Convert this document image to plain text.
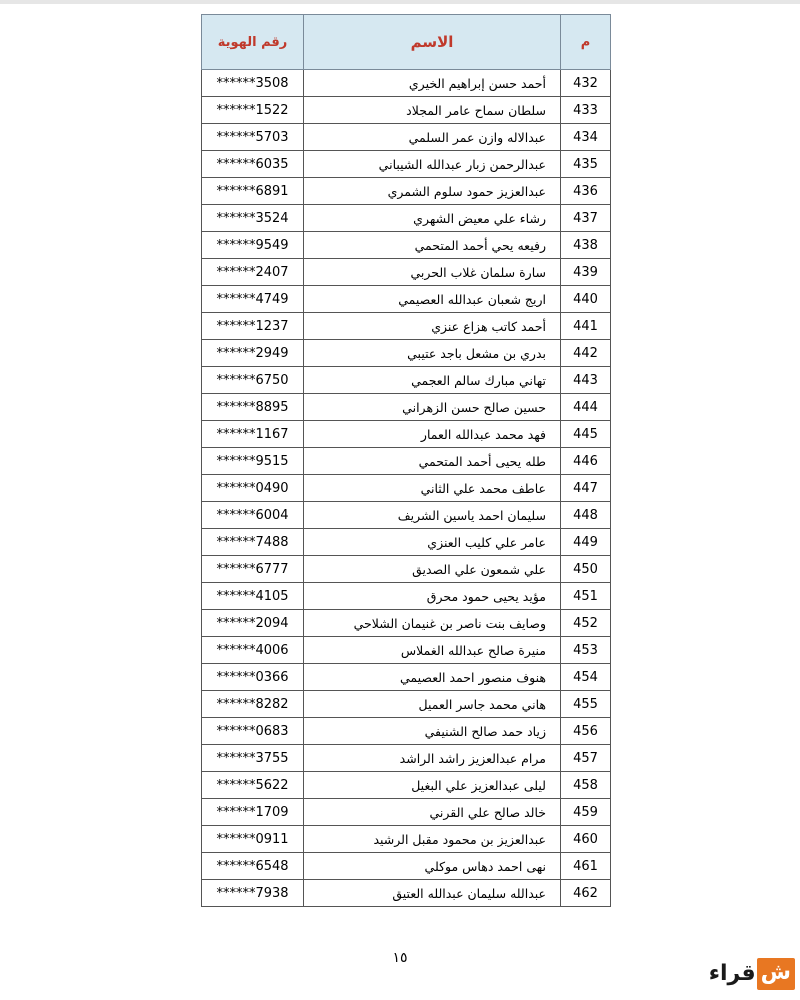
م	الاسم	رقم الهوية
432	أحمد حسن إبراهيم الخيري	******3508
433	سلطان سماح عامر المجلاد	******1522
434	عبدالاله وازن عمر السلمي	******5703
435	عبدالرحمن زبار عبدالله الشيباني	******6035
436	عبدالعزيز حمود سلوم الشمري	******6891
437	رشاء علي معيض الشهري	******3524
438	رفيعه يحي أحمد المتحمي	******9549
439	سارة سلمان غلاب الحربي	******2407
440	اريج شعبان عبدالله العصيمي	******4749
441	أحمد كاتب هزاع عنزي	******1237
442	بدري بن مشعل باجد عتيبي	******2949
443	تهاني مبارك سالم العجمي	******6750
444	حسين صالح حسن الزهراني	******8895
445	فهد محمد عبدالله العمار	******1167
446	طله يحيى أحمد المتحمي	******9515
447	عاطف محمد علي الثاني	******0490
448	سليمان احمد ياسين الشريف	******6004
449	عامر علي كليب العنزي	******7488
450	علي شمعون علي الصديق	******6777
451	مؤيد يحيى حمود محرق	******4105
452	وصايف بنت ناصر بن غنيمان الشلاحي	******2094
453	منيرة صالح عبدالله الغملاس	******4006
454	هنوف منصور احمد العصيمي	******0366
455	هاني محمد جاسر العميل	******8282
456	زياد حمد صالح الشنيفي	******0683
457	مرام عبدالعزيز راشد الراشد	******3755
458	ليلى عبدالعزيز علي البغيل	******5622
459	خالد صالح علي القرني	******1709
460	عبدالعزيز بن محمود مقبل الرشيد	******0911
461	نهى احمد دهاس موكلي	******6548
462	عبدالله سليمان عبدالله العتيق	******7938
١٥
ش
قراء
